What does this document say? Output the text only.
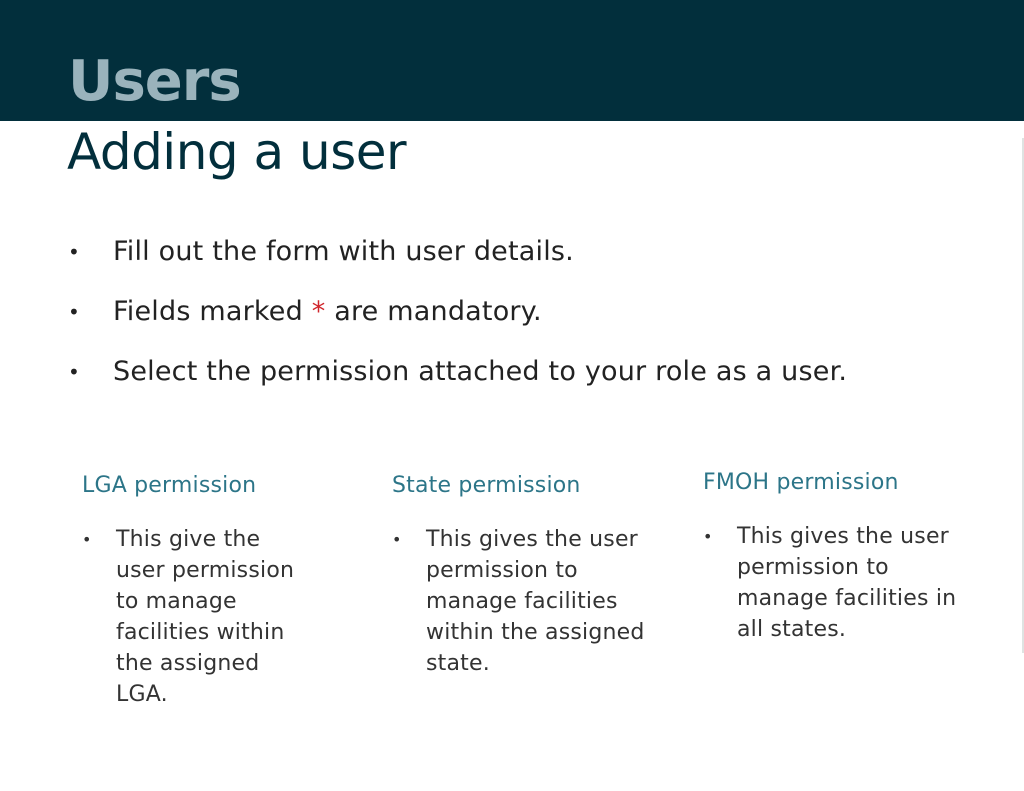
Users
Adding a user
• Fill out the form with user details.
• Fields marked * are mandatory.
• Select the permission attached to your role as a user.
LGA permission
• This give the user permission to manage facilities within the assigned LGA.
State permission
• This gives the user permission to manage facilities within the assigned state.
FMOH permission
• This gives the user permission to manage facilities in all states.
